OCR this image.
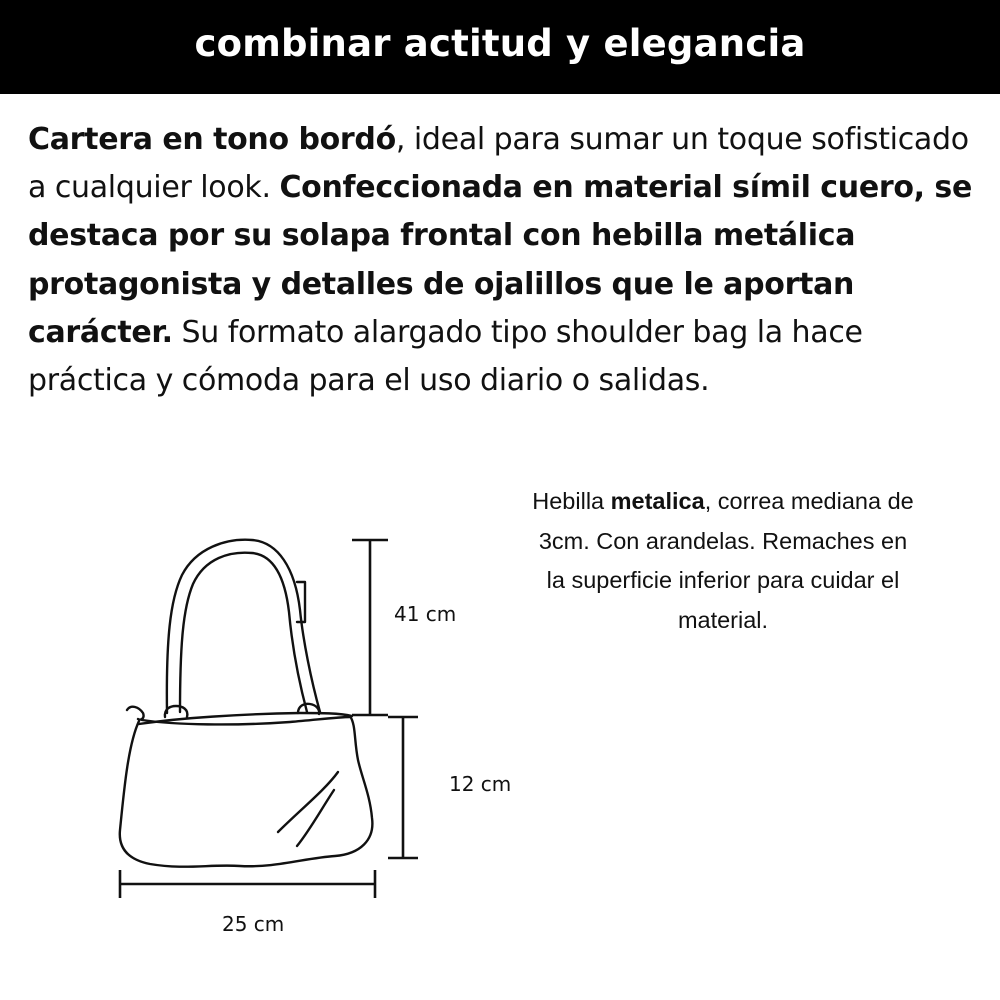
combinar actitud y elegancia

Cartera en tono bordó, ideal para sumar un toque sofisticado a cualquier look. Confeccionada en material símil cuero, se destaca por su solapa frontal con hebilla metálica protagonista y detalles de ojalillos que le aportan carácter. Su formato alargado tipo shoulder bag la hace práctica y cómoda para el uso diario o salidas.

Hebilla metalica, correa mediana de 3cm. Con arandelas. Remaches en la superficie inferior para cuidar el material.

41 cm
12 cm
25 cm
